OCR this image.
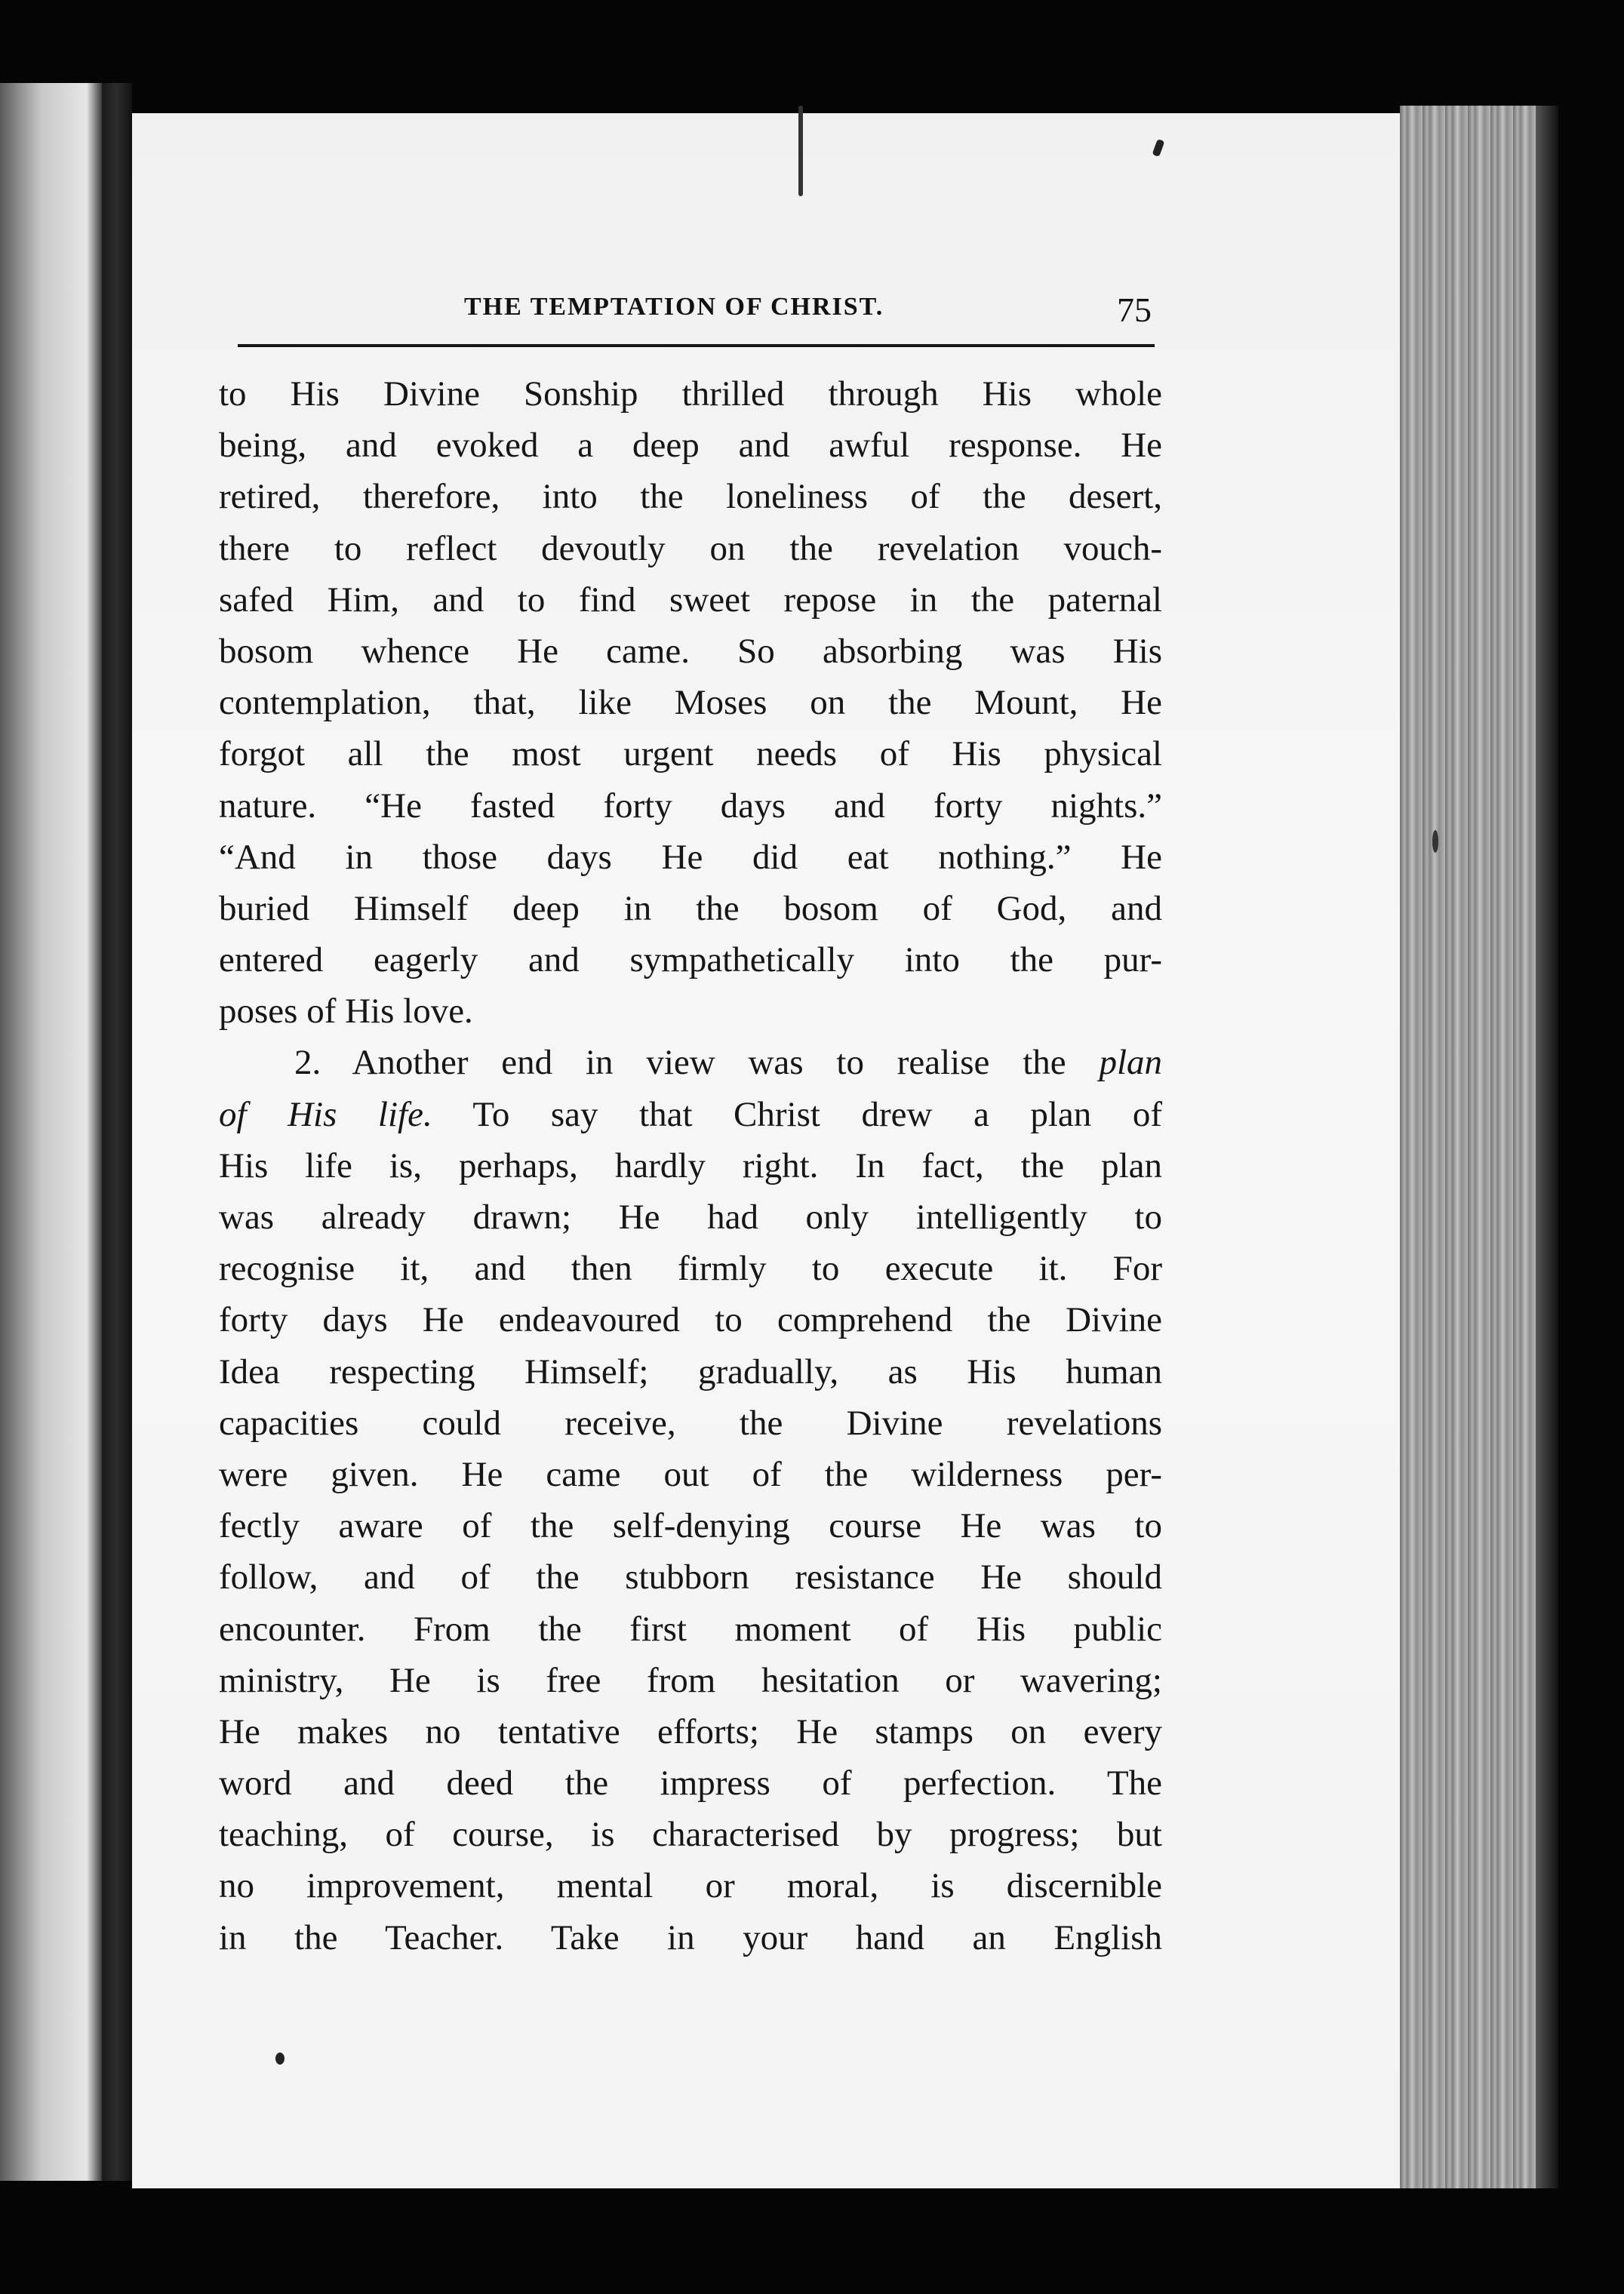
THE TEMPTATION OF CHRIST.	75
to His Divine Sonship thrilled through His whole
being, and evoked a deep and awful response. He
retired, therefore, into the loneliness of the desert,
there to reflect devoutly on the revelation vouch-
safed Him, and to find sweet repose in the paternal
bosom whence He came. So absorbing was His
contemplation, that, like Moses on the Mount, He
forgot all the most urgent needs of His physical
nature. “He fasted forty days and forty nights.”
“And in those days He did eat nothing.” He
buried Himself deep in the bosom of God, and
entered eagerly and sympathetically into the pur-
poses of His love.
2. Another end in view was to realise the plan
of His life. To say that Christ drew a plan of
His life is, perhaps, hardly right. In fact, the plan
was already drawn; He had only intelligently to
recognise it, and then firmly to execute it. For
forty days He endeavoured to comprehend the Divine
Idea respecting Himself; gradually, as His human
capacities could receive, the Divine revelations
were given. He came out of the wilderness per-
fectly aware of the self-denying course He was to
follow, and of the stubborn resistance He should
encounter. From the first moment of His public
ministry, He is free from hesitation or wavering;
He makes no tentative efforts; He stamps on every
word and deed the impress of perfection. The
teaching, of course, is characterised by progress; but
no improvement, mental or moral, is discernible
in the Teacher. Take in your hand an English
